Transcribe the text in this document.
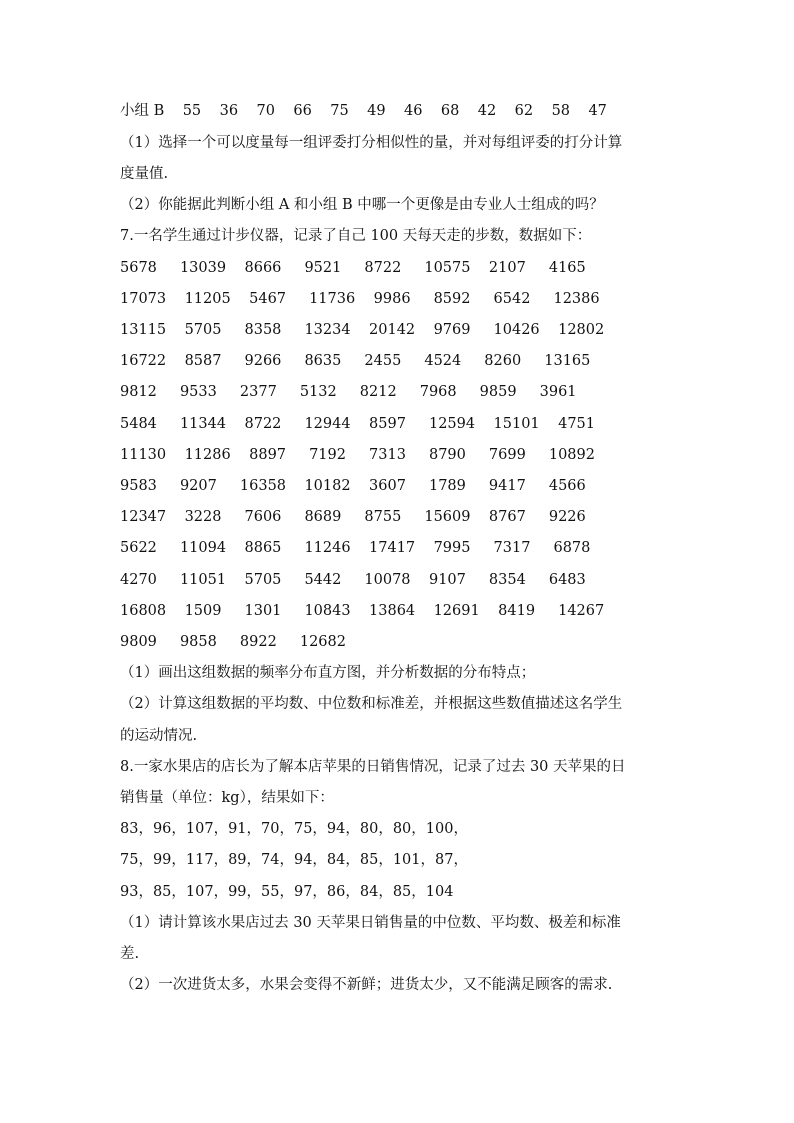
小组 B    55    36    70    66    75    49    46    68    42    62    58    47
（1）选择一个可以度量每一组评委打分相似性的量，并对每组评委的打分计算
度量值.
（2）你能据此判断小组 A 和小组 B 中哪一个更像是由专业人士组成的吗？
7.一名学生通过计步仪器，记录了自己 100 天每天走的步数，数据如下：
5678     13039    8666     9521     8722     10575    2107     4165
17073    11205    5467     11736    9986     8592     6542     12386
13115    5705     8358     13234    20142    9769     10426    12802
16722    8587     9266     8635     2455     4524     8260     13165
9812     9533     2377     5132     8212     7968     9859     3961
5484     11344    8722     12944    8597     12594    15101    4751
11130    11286    8897     7192     7313     8790     7699     10892
9583     9207     16358    10182    3607     1789     9417     4566
12347    3228     7606     8689     8755     15609    8767     9226
5622     11094    8865     11246    17417    7995     7317     6878
4270     11051    5705     5442     10078    9107     8354     6483
16808    1509     1301     10843    13864    12691    8419     14267
9809     9858     8922     12682
（1）画出这组数据的频率分布直方图，并分析数据的分布特点；
（2）计算这组数据的平均数、中位数和标准差，并根据这些数值描述这名学生
的运动情况.
8.一家水果店的店长为了解本店苹果的日销售情况，记录了过去 30 天苹果的日
销售量（单位：kg），结果如下：
83，96，107，91，70，75，94，80，80，100，
75，99，117，89，74，94，84，85，101，87，
93，85，107，99，55，97，86，84，85，104
（1）请计算该水果店过去 30 天苹果日销售量的中位数、平均数、极差和标准
差.
（2）一次进货太多，水果会变得不新鲜；进货太少，又不能满足顾客的需求.
